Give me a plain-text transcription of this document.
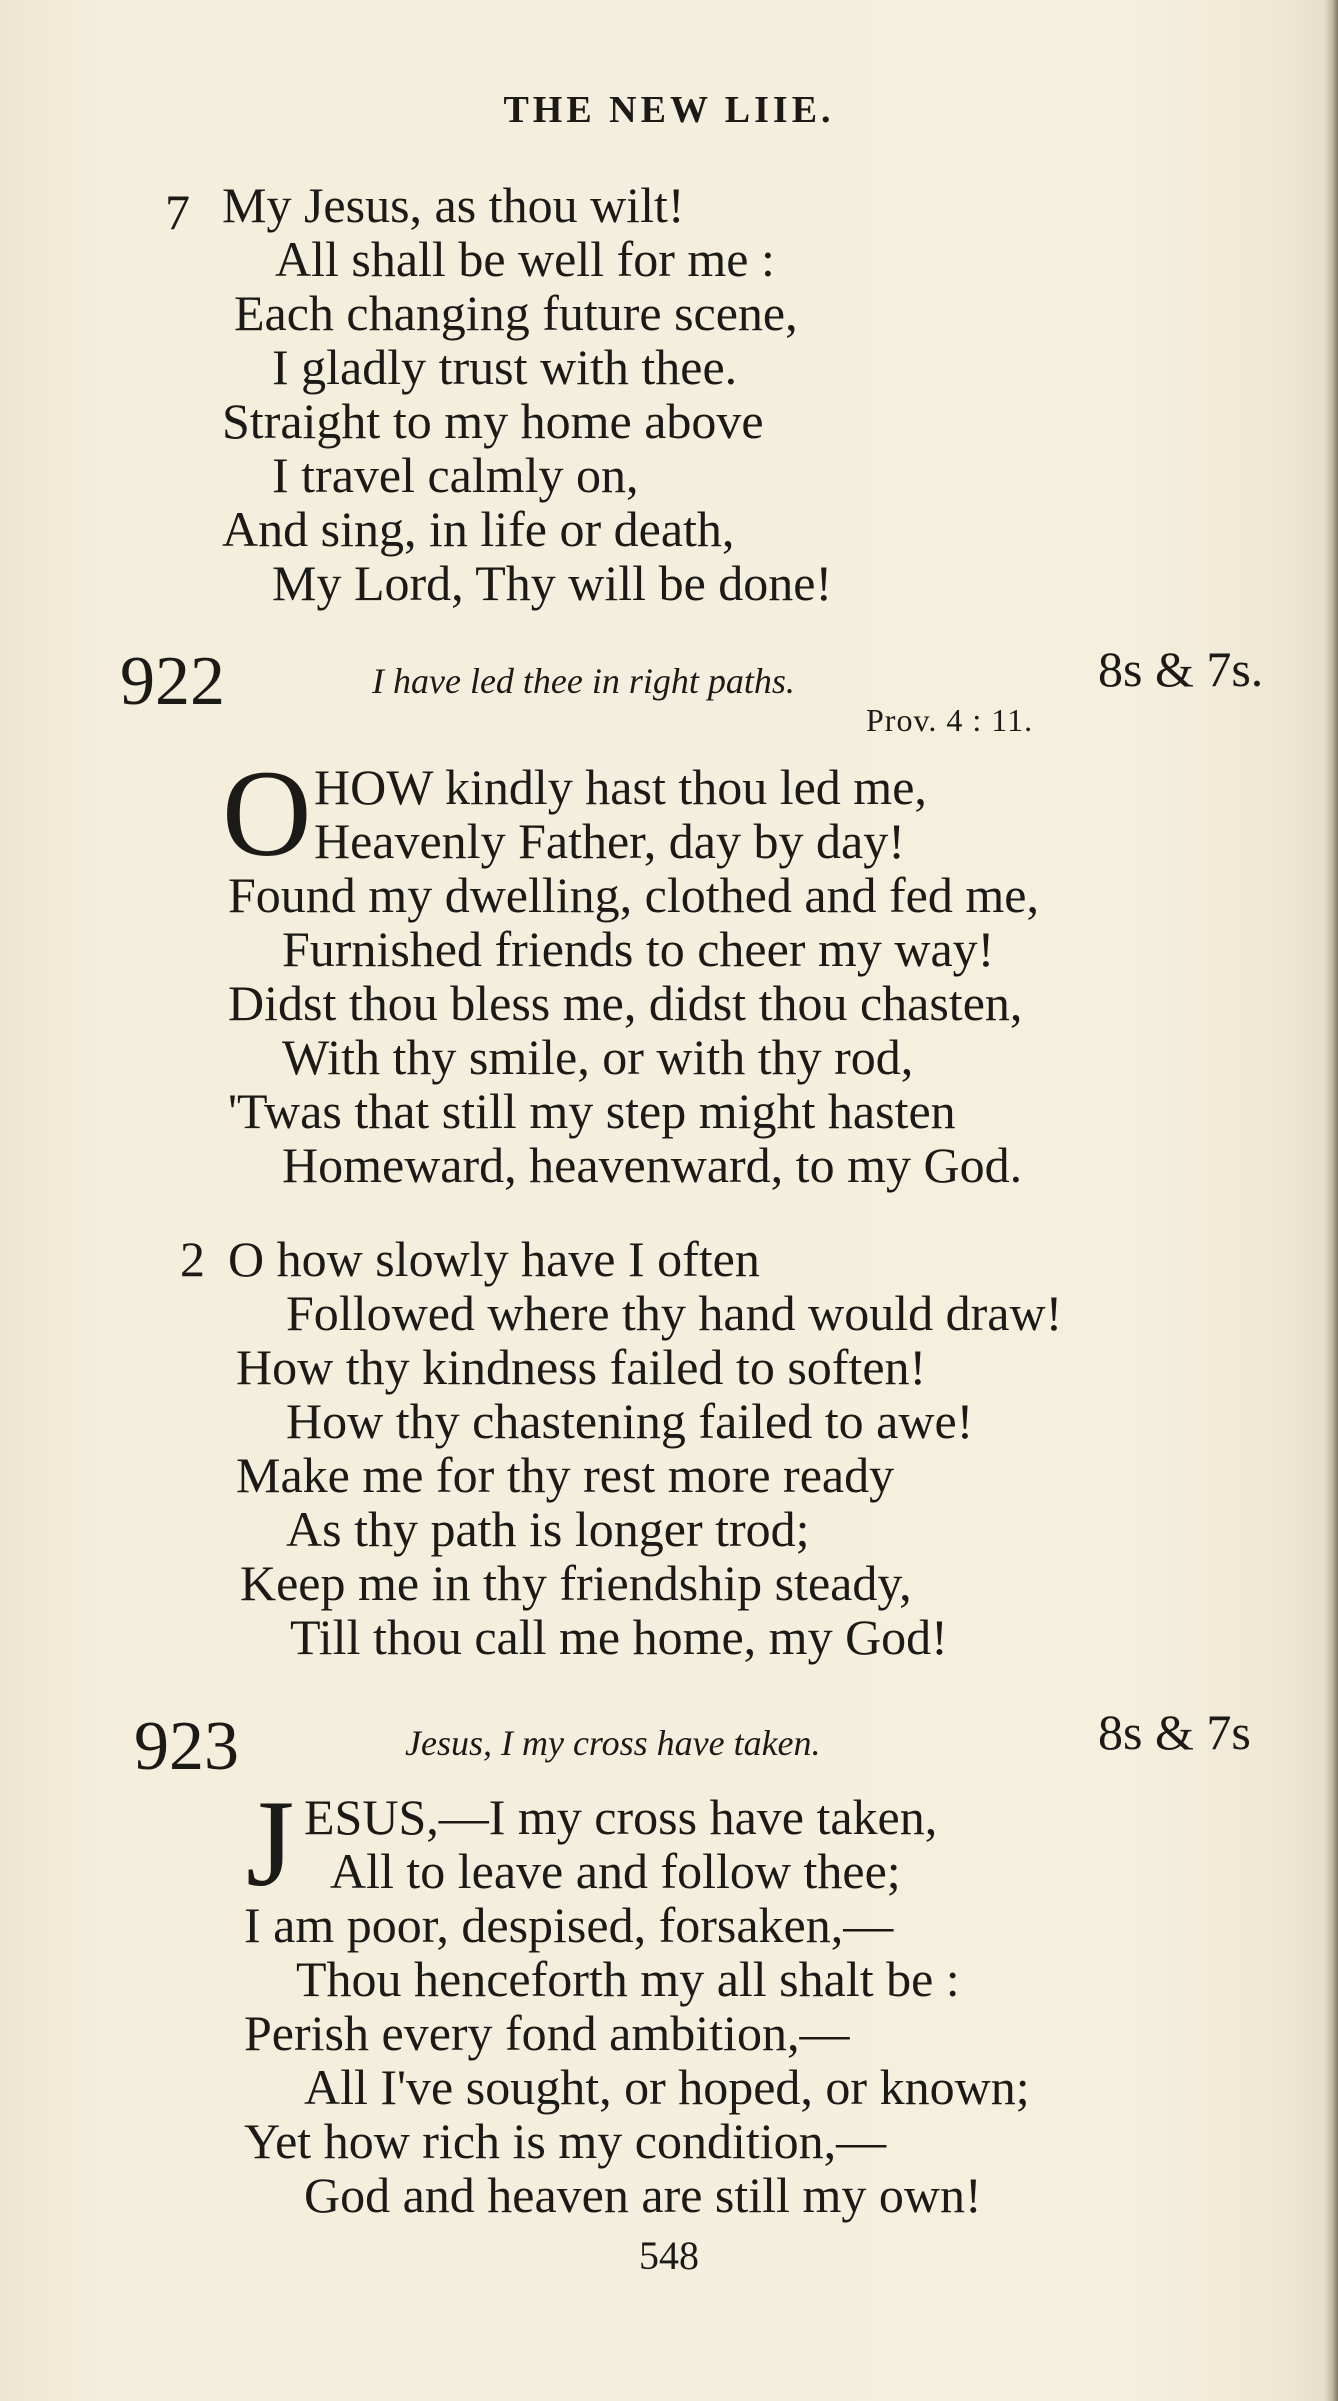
THE NEW LIIE.
7 My Jesus, as thou wilt!
All shall be well for me :
Each changing future scene,
I gladly trust with thee.
Straight to my home above
I travel calmly on,
And sing, in life or death,
My Lord, Thy will be done!
922	I have led thee in right paths.	8s & 7s.
Prov. 4 : 11.
O HOW kindly hast thou led me,
Heavenly Father, day by day!
Found my dwelling, clothed and fed me,
Furnished friends to cheer my way!
Didst thou bless me, didst thou chasten,
With thy smile, or with thy rod,
'Twas that still my step might hasten
Homeward, heavenward, to my God.
2 O how slowly have I often
Followed where thy hand would draw!
How thy kindness failed to soften!
How thy chastening failed to awe!
Make me for thy rest more ready
As thy path is longer trod;
Keep me in thy friendship steady,
Till thou call me home, my God!
923	Jesus, I my cross have taken.	8s & 7s
J ESUS,—I my cross have taken,
All to leave and follow thee;
I am poor, despised, forsaken,—
Thou henceforth my all shalt be :
Perish every fond ambition,—
All I've sought, or hoped, or known;
Yet how rich is my condition,—
God and heaven are still my own!
548
